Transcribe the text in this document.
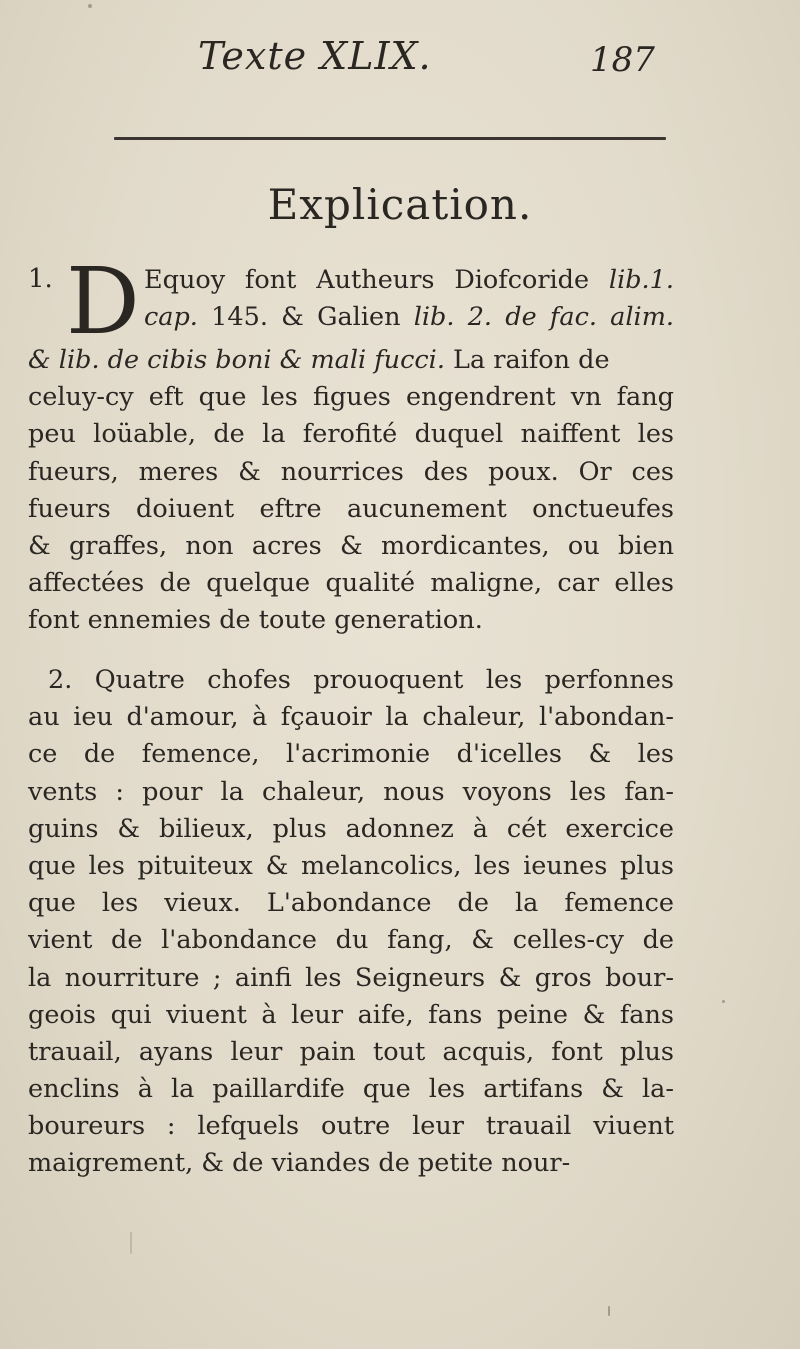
Texte XLIX.	187
Explication.
1. D Equoy font Autheurs Diofcoride lib.1.
cap. 145. & Galien lib. 2. de fac. alim.
& lib. de cibis boni & mali fucci. La raifon de
celuy-cy eft que les figues engendrent vn fang
peu loüable, de la ferofité duquel naiffent les
fueurs, meres & nourrices des poux. Or ces
fueurs doiuent eftre aucunement onctueufes
& graffes, non acres & mordicantes, ou bien
affectées de quelque qualité maligne, car elles
font ennemies de toute generation.
2. Quatre chofes prouoquent les perfonnes
au ieu d'amour, à fçauoir la chaleur, l'abondan-
ce de femence, l'acrimonie d'icelles & les
vents : pour la chaleur, nous voyons les fan-
guins & bilieux, plus adonnez à cét exercice
que les pituiteux & melancolics, les ieunes plus
que les vieux. L'abondance de la femence
vient de l'abondance du fang, & celles-cy de
la nourriture ; ainfi les Seigneurs & gros bour-
geois qui viuent à leur aife, fans peine & fans
trauail, ayans leur pain tout acquis, font plus
enclins à la paillardife que les artifans & la-
boureurs : lefquels outre leur trauail viuent
maigrement, & de viandes de petite nour-
